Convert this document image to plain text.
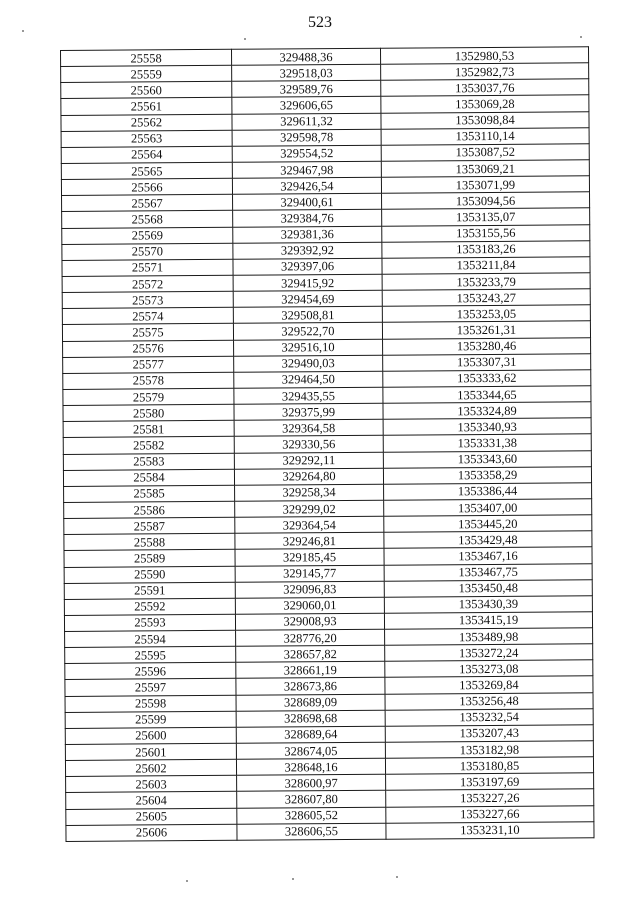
523
25558	329488,36	1352980,53
25559	329518,03	1352982,73
25560	329589,76	1353037,76
25561	329606,65	1353069,28
25562	329611,32	1353098,84
25563	329598,78	1353110,14
25564	329554,52	1353087,52
25565	329467,98	1353069,21
25566	329426,54	1353071,99
25567	329400,61	1353094,56
25568	329384,76	1353135,07
25569	329381,36	1353155,56
25570	329392,92	1353183,26
25571	329397,06	1353211,84
25572	329415,92	1353233,79
25573	329454,69	1353243,27
25574	329508,81	1353253,05
25575	329522,70	1353261,31
25576	329516,10	1353280,46
25577	329490,03	1353307,31
25578	329464,50	1353333,62
25579	329435,55	1353344,65
25580	329375,99	1353324,89
25581	329364,58	1353340,93
25582	329330,56	1353331,38
25583	329292,11	1353343,60
25584	329264,80	1353358,29
25585	329258,34	1353386,44
25586	329299,02	1353407,00
25587	329364,54	1353445,20
25588	329246,81	1353429,48
25589	329185,45	1353467,16
25590	329145,77	1353467,75
25591	329096,83	1353450,48
25592	329060,01	1353430,39
25593	329008,93	1353415,19
25594	328776,20	1353489,98
25595	328657,82	1353272,24
25596	328661,19	1353273,08
25597	328673,86	1353269,84
25598	328689,09	1353256,48
25599	328698,68	1353232,54
25600	328689,64	1353207,43
25601	328674,05	1353182,98
25602	328648,16	1353180,85
25603	328600,97	1353197,69
25604	328607,80	1353227,26
25605	328605,52	1353227,66
25606	328606,55	1353231,10
